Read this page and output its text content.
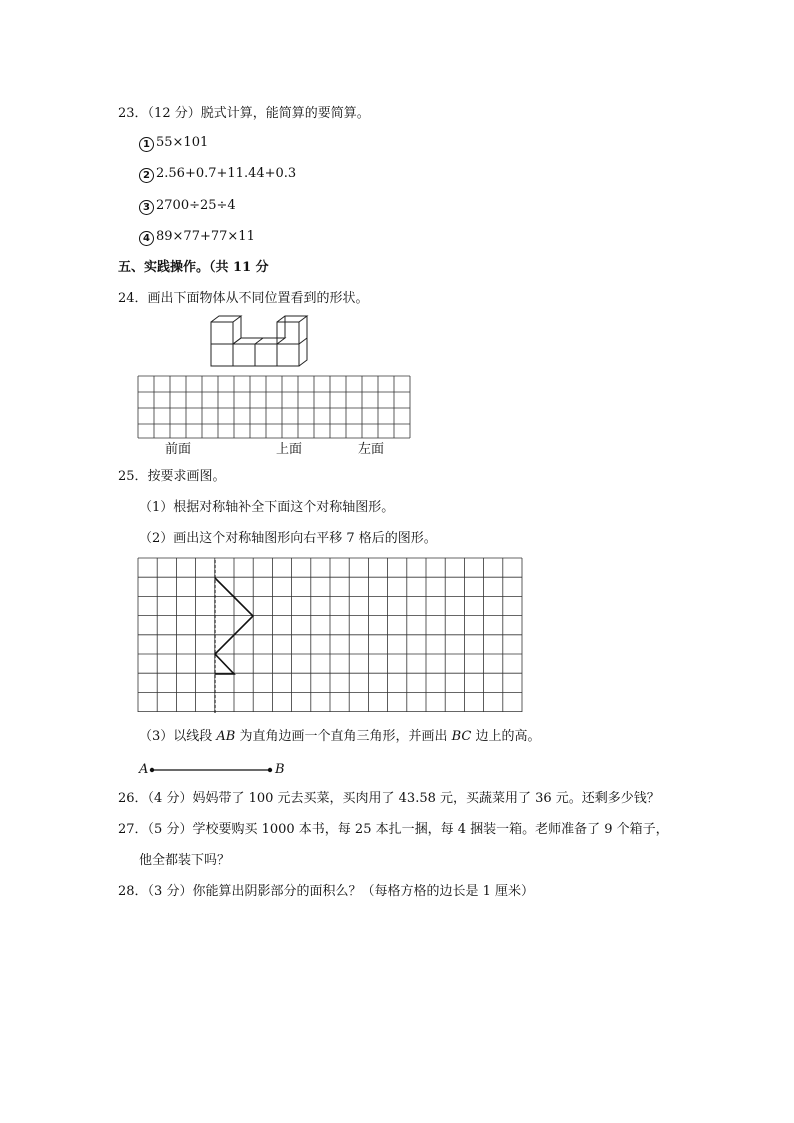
23．（12 分）脱式计算，能简算的要简算。
1 55×101
2 2.56+0.7+11.44+0.3
3 2700÷25÷4
4 89×77+77×11
五、实践操作。（共 11 分
24．画出下面物体从不同位置看到的形状。
前面	上面	左面
25．按要求画图。
（1）根据对称轴补全下面这个对称轴图形。
（2）画出这个对称轴图形向右平移 7 格后的图形。
（3）以线段 AB 为直角边画一个直角三角形，并画出 BC 边上的高。
A	B
26．（4 分）妈妈带了 100 元去买菜，买肉用了 43.58 元，买蔬菜用了 36 元。还剩多少钱？
27．（5 分）学校要购买 1000 本书，每 25 本扎一捆，每 4 捆装一箱。老师准备了 9 个箱子，
他全都装下吗？
28．（3 分）你能算出阴影部分的面积么？（每格方格的边长是 1 厘米）
